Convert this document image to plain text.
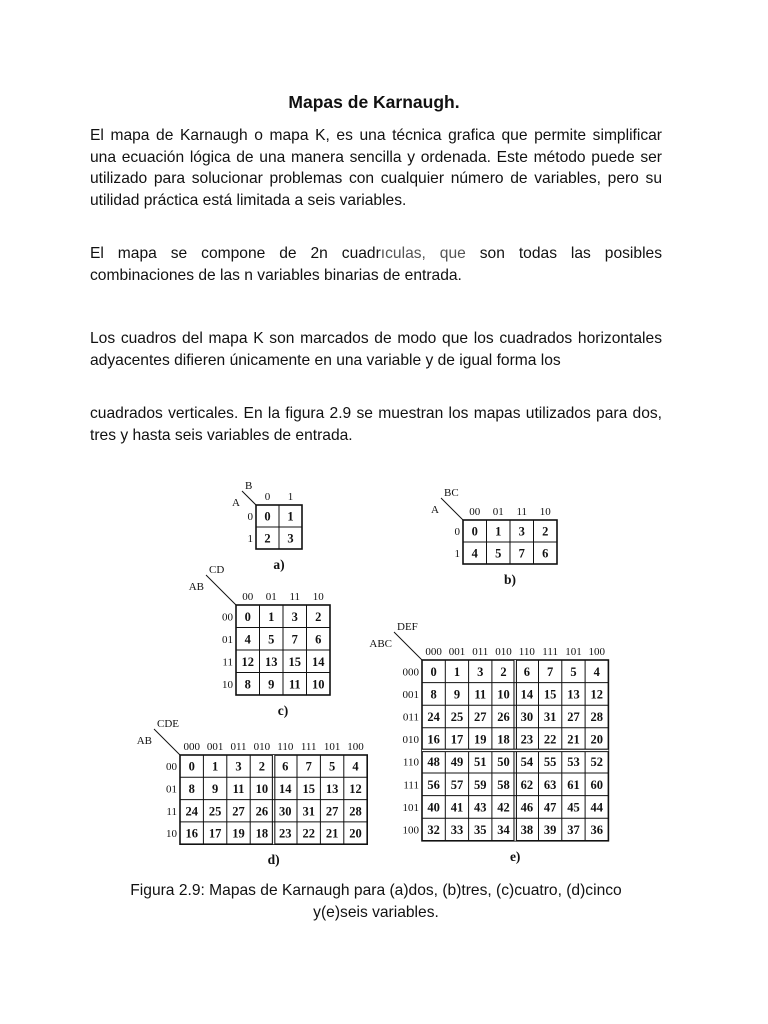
Mapas de Karnaugh.

El mapa de Karnaugh o mapa K, es una técnica grafica que permite simplificar una ecuación lógica de una manera sencilla y ordenada. Este método puede ser utilizado para solucionar problemas con cualquier número de variables, pero su utilidad práctica está limitada a seis variables.

El mapa se compone de 2n cuadrıculas, que son todas las posibles combinaciones de las n variables binarias de entrada.

Los cuadros del mapa K son marcados de modo que los cuadrados horizontales adyacentes difieren únicamente en una variable y de igual forma los

cuadrados verticales. En la figura 2.9 se muestran los mapas utilizados para dos, tres y hasta seis variables de entrada.

B
A 0 1
0
1
0 1
2 3
a)
BC
A	00 01 11 10
0
1
0 1 3 2
4 5 7 6
b)
CD
AB
00 01 11 10
00
01
11
10
0 1 3 2
4 5 7 6
12 13 15 14
8 9 11 10
c)
CDE
AB	000 001 011 010 110 111 101 100
00
01
11
10
0 1 3 2 6 7 5 4
8 9 11 10 14 15 13 12
24 25 27 26 30 31 27 28
16 17 19 18 23 22 21 20
d)
DEF
ABC
000 001 011 010 110 111 101 100
000
001
011
010
110
111
101
100
0 1 3 2 6 7 5 4
8 9 11 10 14 15 13 12
24 25 27 26 30 31 27 28
16 17 19 18 23 22 21 20
48 49 51 50 54 55 53 52
56 57 59 58 62 63 61 60
40 41 43 42 46 47 45 44
32 33 35 34 38 39 37 36
e)
Figura 2.9: Mapas de Karnaugh para (a)dos, (b)tres, (c)cuatro, (d)cinco
y(e)seis variables.
